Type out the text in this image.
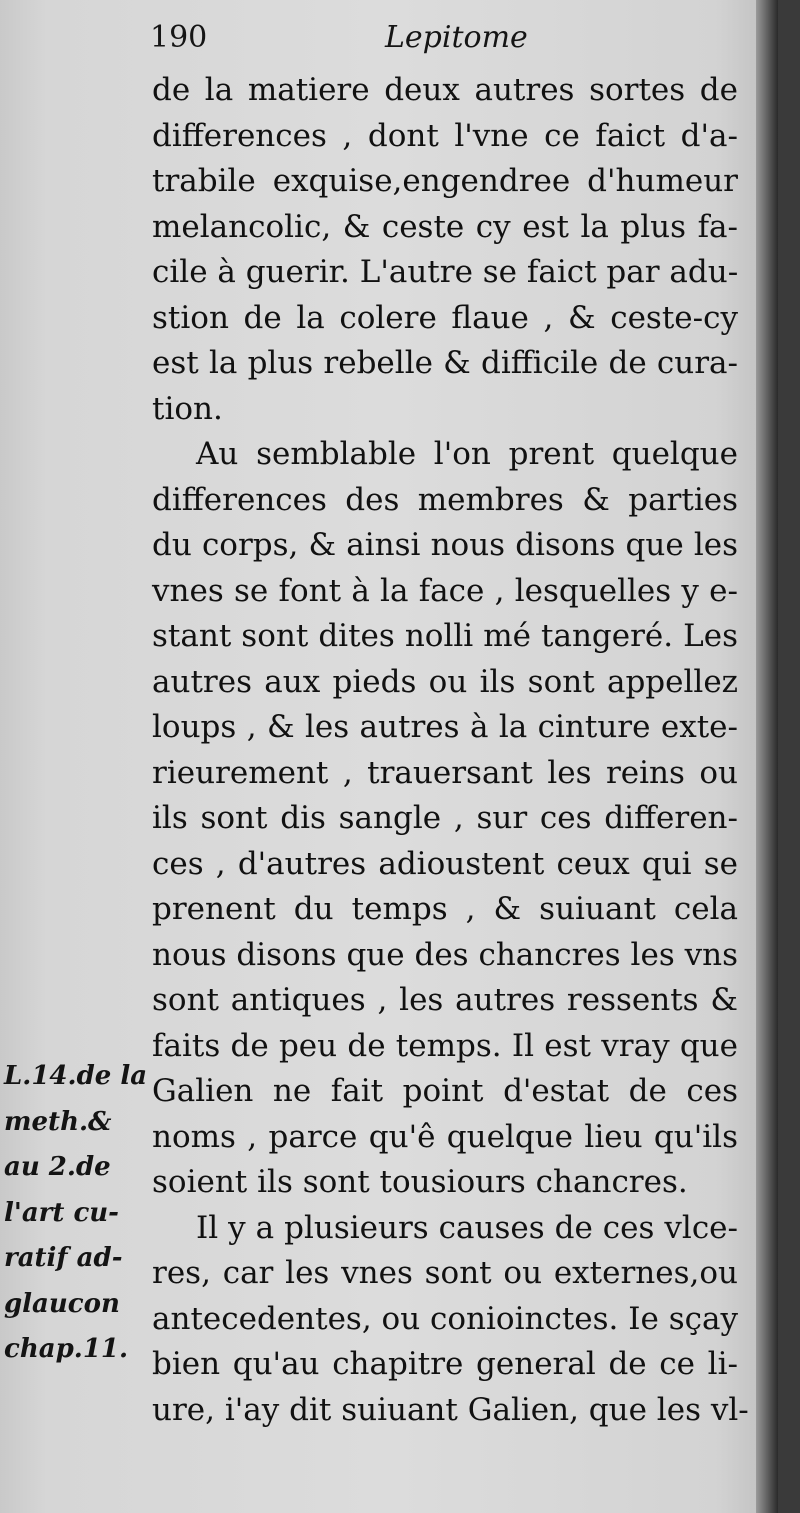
190	Lepitome
de la matiere deux autres sortes de
differences , dont l'vne ce faict d'a-
trabile exquise,engendree d'humeur
melancolic, & ceste cy est la plus fa-
cile à guerir. L'autre se faict par adu-
stion de la colere flaue , & ceste-cy
est la plus rebelle & difficile de cura-
tion.
Au semblable l'on prent quelque
differences des membres & parties
du corps, & ainsi nous disons que les
vnes se font à la face , lesquelles y e-
stant sont dites nolli mé tangeré. Les
autres aux pieds ou ils sont appellez
loups , & les autres à la cinture exte-
rieurement , trauersant les reins ou
ils sont dis sangle , sur ces differen-
ces , d'autres adioustent ceux qui se
prenent du temps , & suiuant cela
nous disons que des chancres les vns
sont antiques , les autres ressents &
faits de peu de temps. Il est vray que
Galien ne fait point d'estat de ces
noms , parce qu'ê quelque lieu qu'ils
soient ils sont tousiours chancres.
Il y a plusieurs causes de ces vlce-
res, car les vnes sont ou externes,ou
antecedentes, ou conioinctes. Ie sçay
bien qu'au chapitre general de ce li-
ure, i'ay dit suiuant Galien, que les vl-
L.14.de la
meth.&
au 2.de
l'art cu-
ratif ad-
glaucon
chap.11.
